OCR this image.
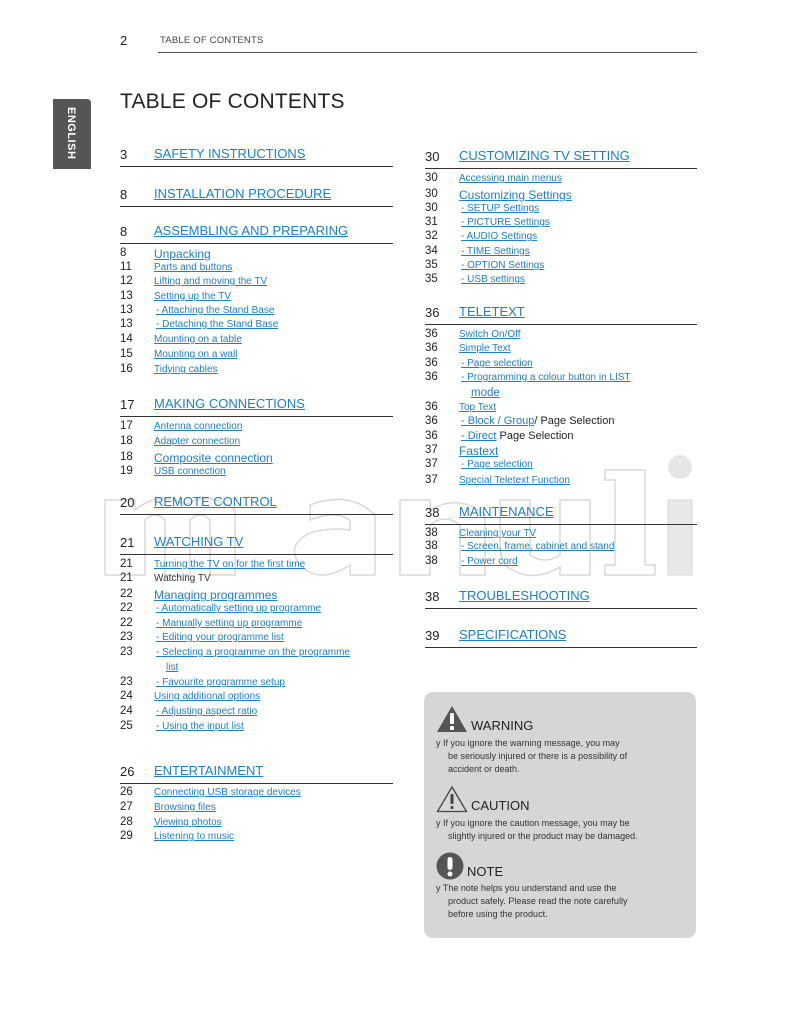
2	TABLE OF CONTENTS
ENGLISH
TABLE OF CONTENTS
3 SAFETY INSTRUCTIONS
8 INSTALLATION PROCEDURE
8 ASSEMBLING AND PREPARING
8 Unpacking
11 Parts and buttons
12 Lifting and moving the TV
13 Setting up the TV
13 - Attaching the Stand Base
13 - Detaching the Stand Base
14 Mounting on a table
15 Mounting on a wall
16 Tidying cables
17 MAKING CONNECTIONS
17 Antenna connection
18 Adapter connection
18 Composite connection
19 USB connection
20 REMOTE CONTROL
21 WATCHING TV
21 Turning the TV on for the first time
21 Watching TV
22 Managing programmes
22 - Automatically setting up programme
22 - Manually setting up programme
23 - Editing your programme list
23 - Selecting a programme on the programme
list
23 - Favourite programme setup
24 Using additional options
24 - Adjusting aspect ratio
25 - Using the input list
26 ENTERTAINMENT
26 Connecting USB storage devices
27 Browsing files
28 Viewing photos
29 Listening to music
30 CUSTOMIZING TV SETTING
30 Accessing main menus
30 Customizing Settings
30 - SETUP Settings
31 - PICTURE Settings
32 - AUDIO Settings
34 - TIME Settings
35 - OPTION Settings
35 - USB settings
36 TELETEXT
36 Switch On/Off
36 Simple Text
36 - Page selection
36 - Programming a colour button in LIST
mode
36 Top Text
36 - Block / Group/ Page Selection
36 - Direct Page Selection
37 Fastext
37 - Page selection
37 Special Teletext Function
38 MAINTENANCE
38 Cleaning your TV
38 - Screen, frame, cabinet and stand
38 - Power cord
38 TROUBLESHOOTING
39 SPECIFICATIONS
WARNING
y If you ignore the warning message, you may
be seriously injured or there is a possibility of
accident or death.
CAUTION
y If you ignore the caution message, you may be
slightly injured or the product may be damaged.
NOTE
y The note helps you understand and use the
product safely. Please read the note carefully
before using the product.
